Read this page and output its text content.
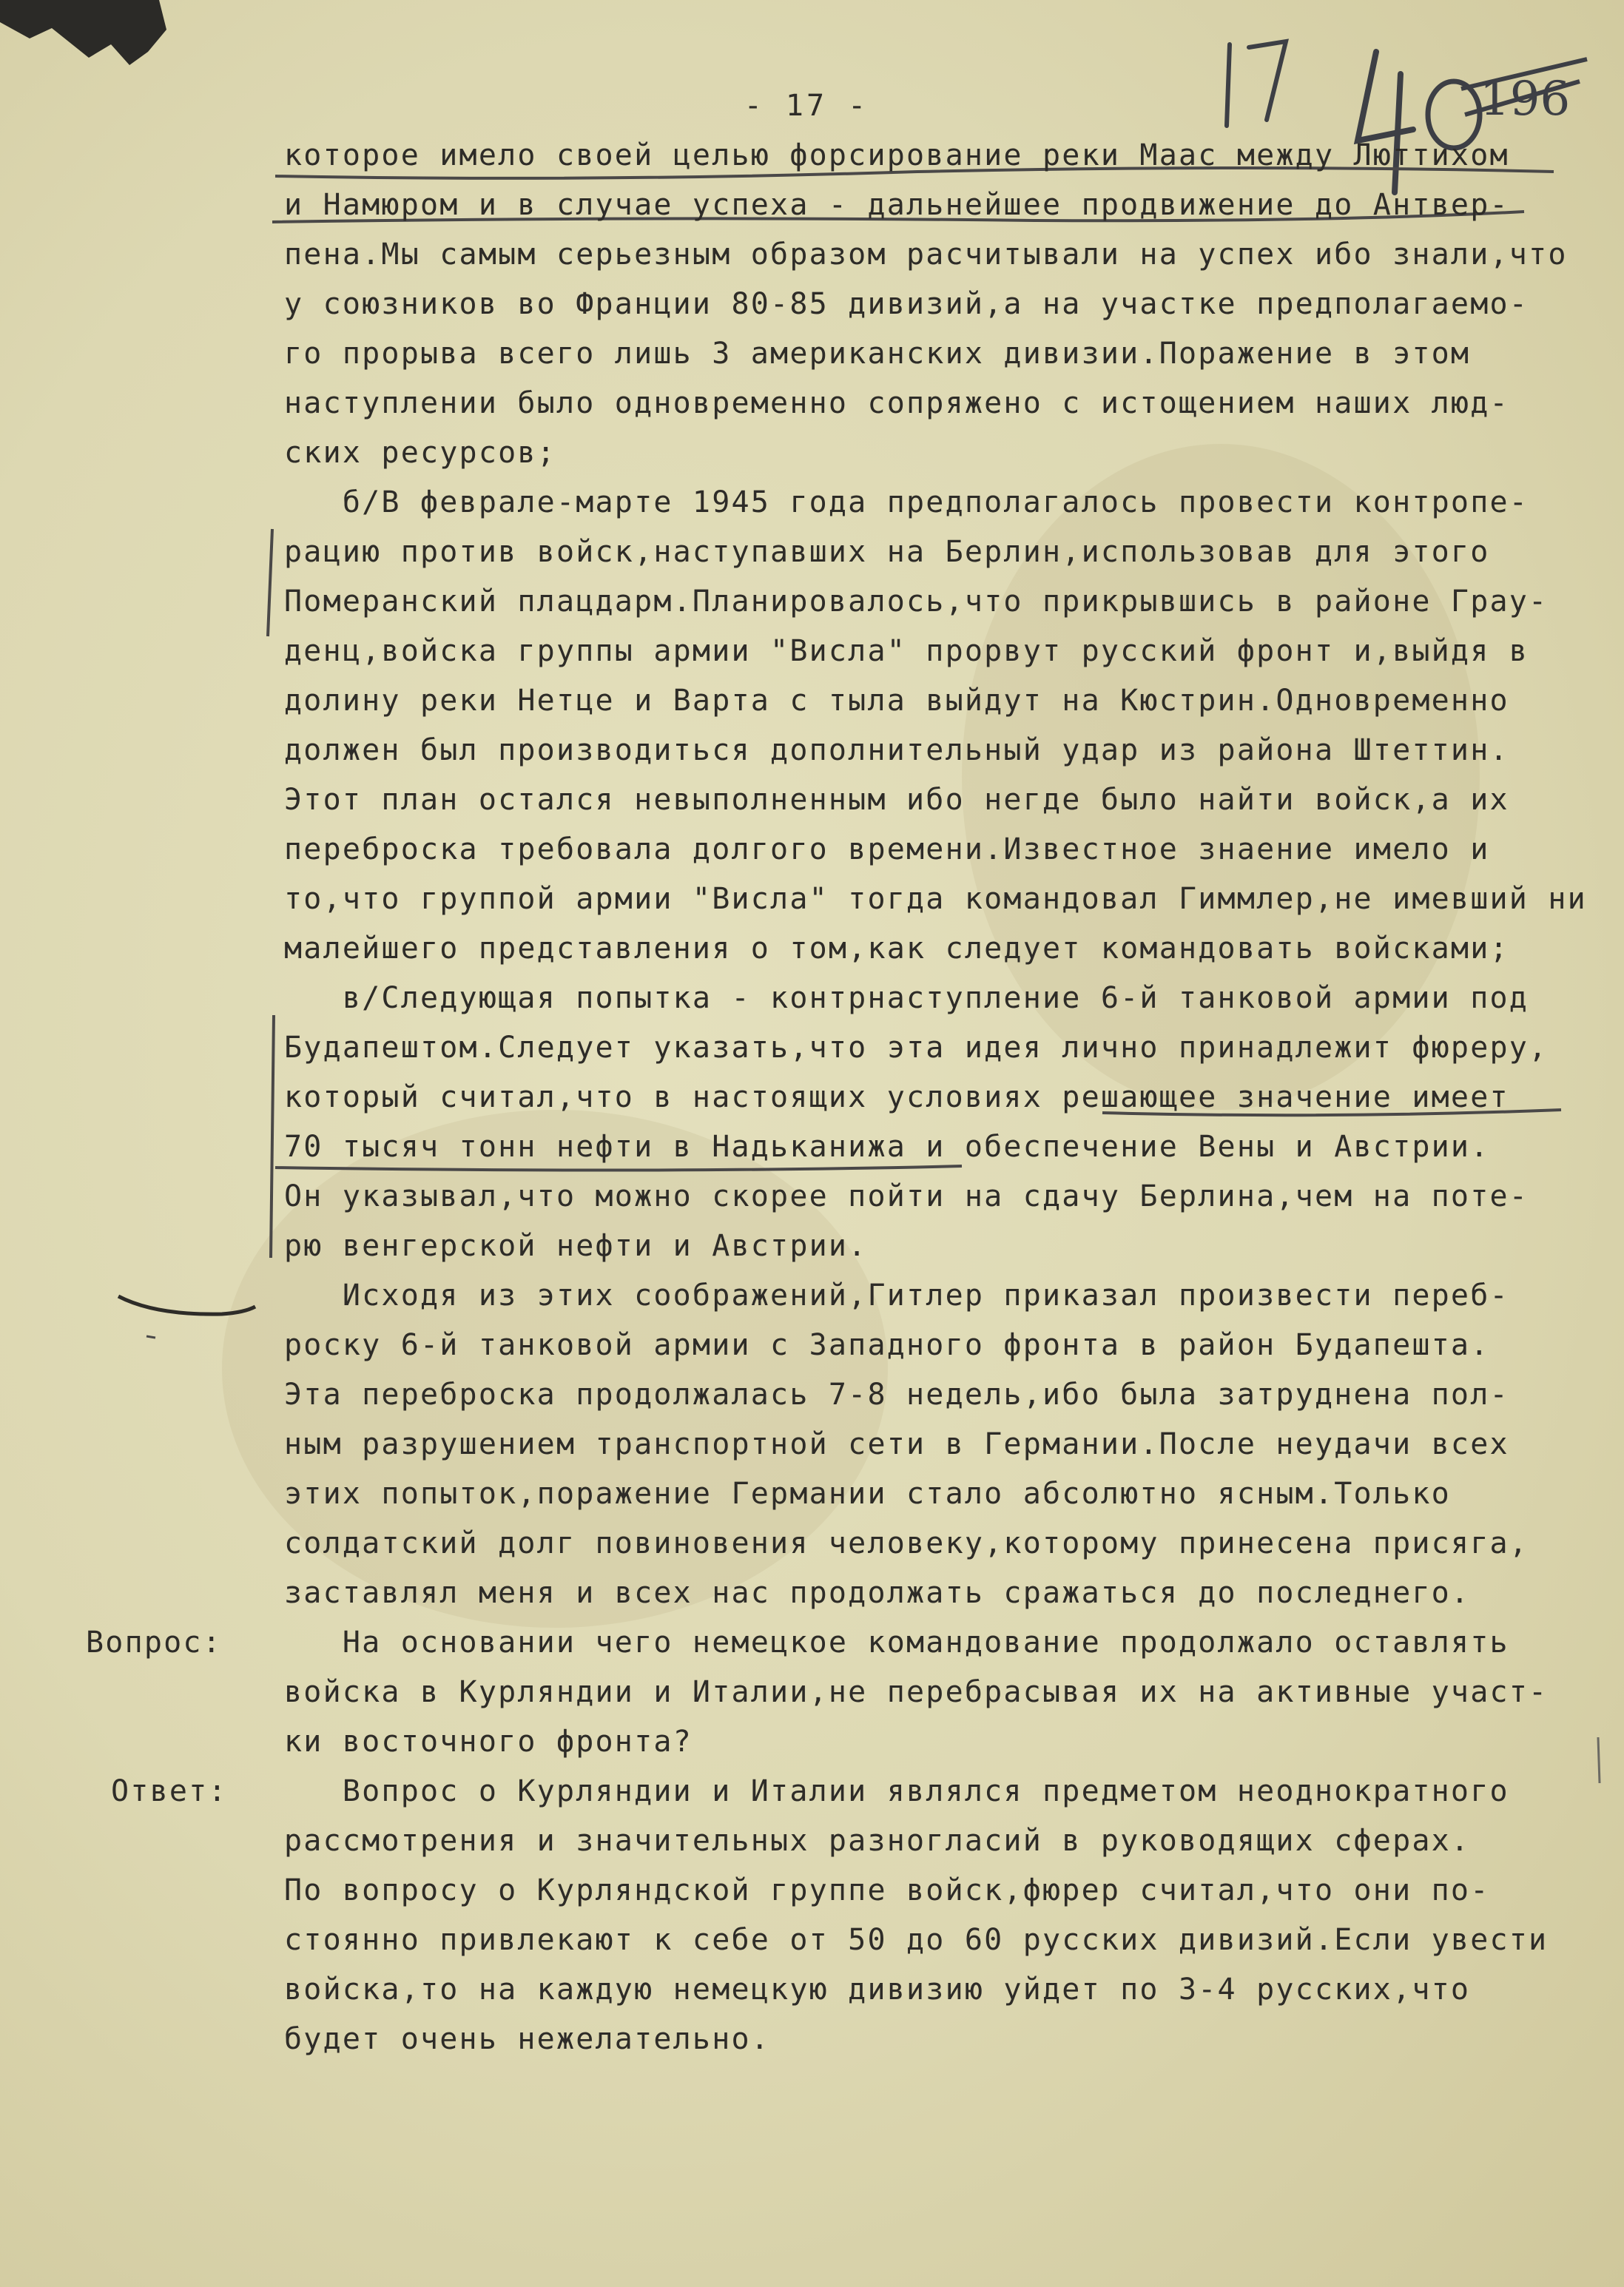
- 17 -	196

которое имело своей целью форсирование реки Маас между Люттихом

и Намюром и в случае успеха - дальнейшее продвижение до Антвер-

пена.Мы самым серьезным образом расчитывали на успех ибо знали,что

у союзников во Франции 80-85 дивизий,а на участке предполагаемо-

го прорыва всего лишь 3 американских дивизии.Поражение в этом

наступлении было одновременно сопряжено с истощением наших люд-

ских ресурсов;

б/В феврале-марте 1945 года предполагалось провести контропе-

рацию против войск,наступавших на Берлин,использовав для этого

Померанский плацдарм.Планировалось,что прикрывшись в районе Грау-

денц,войска группы армии "Висла" прорвут русский фронт и,выйдя в

долину реки Нетце и Варта с тыла выйдут на Кюстрин.Одновременно

должен был производиться дополнительный удар из района Штеттин.

Этот план остался невыполненным ибо негде было найти войск,а их

переброска требовала долгого времени.Известное знаение имело и

то,что группой армии "Висла" тогда командовал Гиммлер,не имевший ни

малейшего представления о том,как следует командовать войсками;

в/Следующая попытка - контрнаступление 6-й танковой армии под

Будапештом.Следует указать,что эта идея лично принадлежит фюреру,

который считал,что в настоящих условиях решающее значение имеет

70 тысяч тонн нефти в Надьканижа и обеспечение Вены и Австрии.

Он указывал,что можно скорее пойти на сдачу Берлина,чем на поте-

рю венгерской нефти и Австрии.

Исходя из этих соображений,Гитлер приказал произвести переб-

роску 6-й танковой армии с Западного фронта в район Будапешта.

Эта переброска продолжалась 7-8 недель,ибо была затруднена пол-

ным разрушением транспортной сети в Германии.После неудачи всех

этих попыток,поражение Германии стало абсолютно ясным.Только

солдатский долг повиновения человеку,которому принесена присяга,

заставлял меня и всех нас продолжать сражаться до последнего.

На основании чего немецкое командование продолжало оставлять

войска в Курляндии и Италии,не перебрасывая их на активные участ-

ки восточного фронта?

Вопрос о Курляндии и Италии являлся предметом неоднократного

рассмотрения и значительных разногласий в руководящих сферах.

По вопросу о Курляндской группе войск,фюрер считал,что они по-

стоянно привлекают к себе от 50 до 60 русских дивизий.Если увести

войска,то на каждую немецкую дивизию уйдет по 3-4 русских,что

будет очень нежелательно.

Вопрос:
Ответ:
